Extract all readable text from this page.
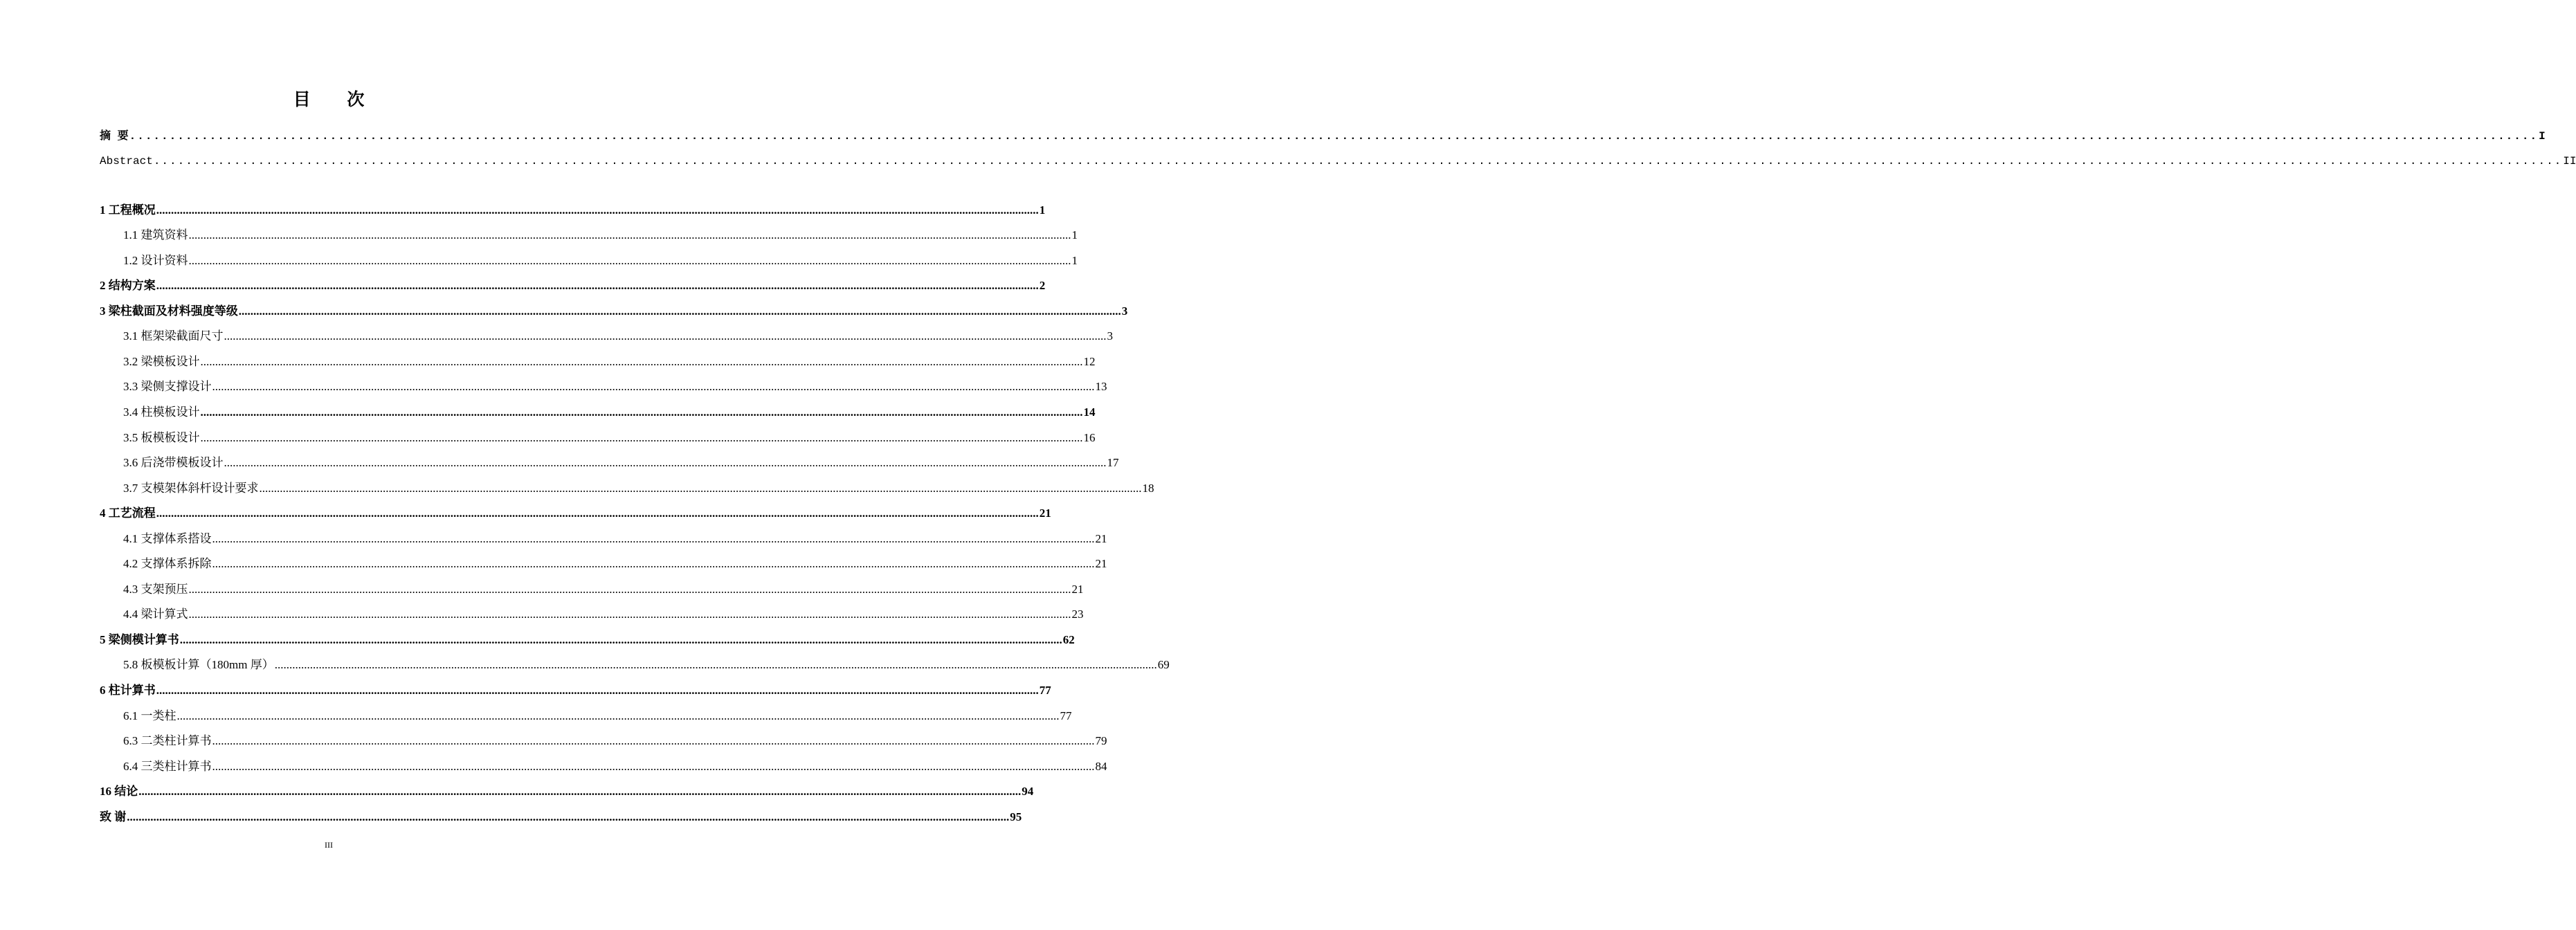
目 次
摘 要 ............................................................................................................................................................................................................................................................................................................ I
Abstract ............................................................................................................................................................................................................................................................................................................ II
1 工程概况 ............................................................................................................................................................................................................................................................................................................ 1
1.1 建筑资料 ............................................................................................................................................................................................................................................................................................................ 1
1.2 设计资料 ............................................................................................................................................................................................................................................................................................................ 1
2 结构方案 ............................................................................................................................................................................................................................................................................................................ 2
3 梁柱截面及材料强度等级 ............................................................................................................................................................................................................................................................................................................ 3
3.1 框架梁截面尺寸 ............................................................................................................................................................................................................................................................................................................ 3
3.2 梁模板设计 ............................................................................................................................................................................................................................................................................................................ 12
3.3 梁侧支撑设计 ............................................................................................................................................................................................................................................................................................................ 13
3.4 柱模板设计 ............................................................................................................................................................................................................................................................................................................ 14
3.5 板模板设计 ............................................................................................................................................................................................................................................................................................................ 16
3.6 后浇带模板设计 ............................................................................................................................................................................................................................................................................................................ 17
3.7 支模架体斜杆设计要求 ............................................................................................................................................................................................................................................................................................................ 18
4 工艺流程 ............................................................................................................................................................................................................................................................................................................ 21
4.1 支撑体系搭设 ............................................................................................................................................................................................................................................................................................................ 21
4.2 支撑体系拆除 ............................................................................................................................................................................................................................................................................................................ 21
4.3 支架预压 ............................................................................................................................................................................................................................................................................................................ 21
4.4 梁计算式 ............................................................................................................................................................................................................................................................................................................ 23
5 梁侧模计算书 ............................................................................................................................................................................................................................................................................................................ 62
5.8 板模板计算（180mm 厚） ............................................................................................................................................................................................................................................................................................................ 69
6 柱计算书 ............................................................................................................................................................................................................................................................................................................ 77
6.1 一类柱 ............................................................................................................................................................................................................................................................................................................ 77
6.3 二类柱计算书 ............................................................................................................................................................................................................................................................................................................ 79
6.4 三类柱计算书 ............................................................................................................................................................................................................................................................................................................ 84
16 结论 ............................................................................................................................................................................................................................................................................................................ 94
致 谢 ............................................................................................................................................................................................................................................................................................................ 95
III
